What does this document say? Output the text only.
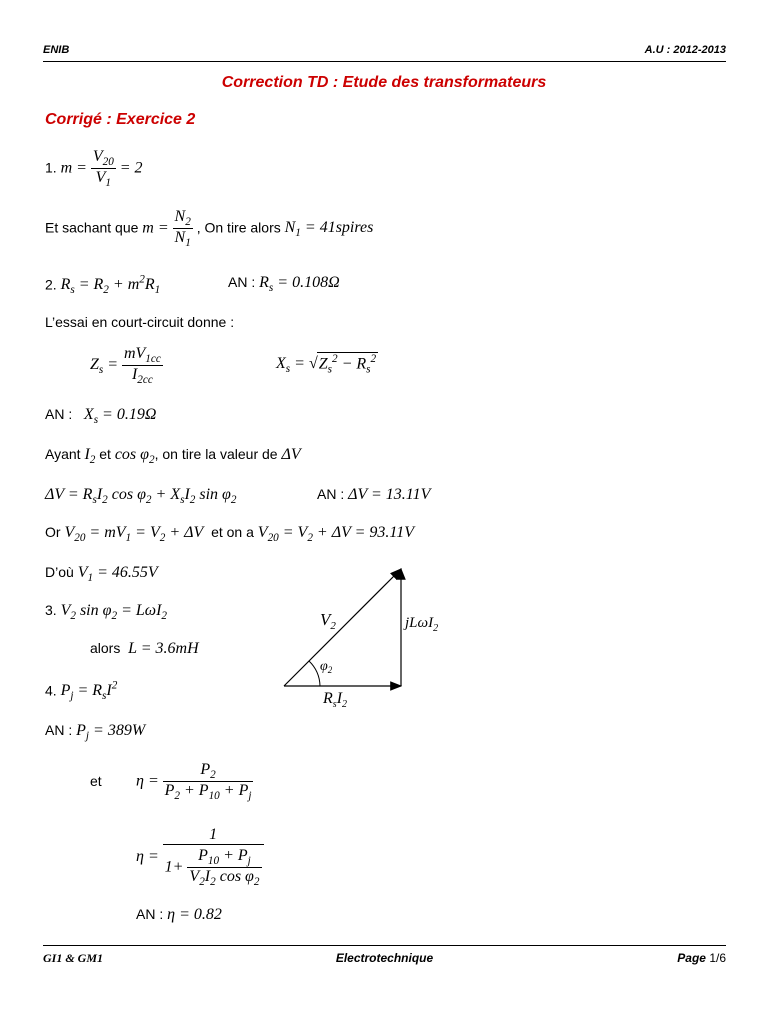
ENIB	A.U : 2012-2013
Correction TD : Etude des transformateurs
Corrigé : Exercice 2
1. $m = \frac{V_{20}}{V_1} = 2$
Et sachant que $m = \frac{N_2}{N_1}$ , On tire alors $N_1$ = 41spires
2. $R_s = R_2 + m^2R_1$
AN : $R_s = 0.108\Omega$
L’essai en court-circuit donne :
$Z_s = \frac{mV_{1cc}}{I_{2cc}}$	$X_s = √Z_s^2 - R_s^2$
AN : $X_s = 0.19\Omega$
Ayant $I_2$ et $\cos \varphi_2$, on tire la valeur de ΔV
$\Delta V = R_sI_2$ $\cos \varphi_2 + X_sI_2$ $\sin \varphi_2$	AN : ΔV = 13.11V
Or $V_{20} = mV_1 = V_2 + \Delta V$ et on a $V_{20} = V_2 + \Delta V = 93.11V$
D’où $V_1 = 46.55V$
3. $V_2$ $\sin \varphi_2 = L\omega I_2$
alors L = 3.6mH
4. $P_j = R_sI^2$
AN : $P_j = 389W$
et $\eta = \frac{P_2}{P_2 + P_{10} + P_j}$
$\eta = \frac{1}{1+ \frac{P_{10} + P_j}{V_2I_2 \cos \varphi_2}}$
AN : η = 0.82
$V_2$	jLωI$_2$
$\varphi_2$
$R_sI_2$
GI1 & GM1	Electrotechnique	Page 1/6
